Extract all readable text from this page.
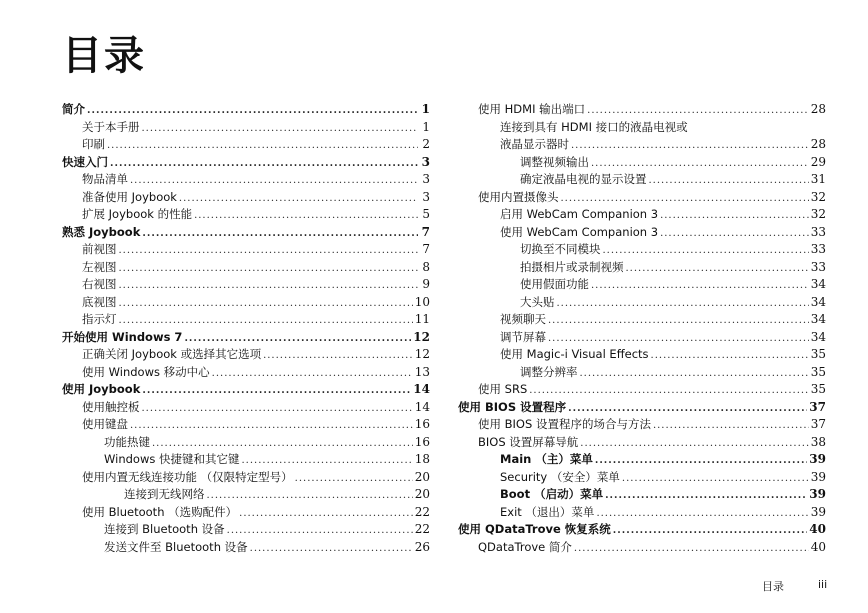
目录
简介 .....	1
关于本手册 .....	1
印刷 .....	2
快速入门 .....	3
物品清单 .....	3
准备使用 Joybook .....	3
扩展 Joybook 的性能 .....	5
熟悉 Joybook .....	7
前视图 .....	7
左视图 .....	8
右视图 .....	9
底视图 .....	10
指示灯 .....	11
开始使用 Windows 7 .....	12
正确关闭 Joybook 或选择其它选项 .....	12
使用 Windows 移动中心 .....	13
使用 Joybook .....	14
使用触控板 .....	14
使用键盘 .....	16
功能热键 .....	16
Windows 快捷键和其它键 .....	18
使用内置无线连接功能 （仅限特定型号） .....	20
连接到无线网络 .....	20
使用 Bluetooth （选购配件） .....	22
连接到 Bluetooth 设备 .....	22
发送文件至 Bluetooth 设备 .....	26
使用 HDMI 输出端口 .....	28
连接到具有 HDMI 接口的液晶电视或
液晶显示器时 .....	28
调整视频输出 .....	29
确定液晶电视的显示设置 .....	31
使用内置摄像头 .....	32
启用 WebCam Companion 3 .....	32
使用 WebCam Companion 3 .....	33
切换至不同模块 .....	33
拍摄相片或录制视频 .....	33
使用假面功能 .....	34
大头贴 .....	34
视频聊天 .....	34
调节屏幕 .....	34
使用 Magic-i Visual Effects .....	35
调整分辨率 .....	35
使用 SRS .....	35
使用 BIOS 设置程序 .....	37
使用 BIOS 设置程序的场合与方法 .....	37
BIOS 设置屏幕导航 .....	38
Main （主）菜单 .....	39
Security （安全）菜单 .....	39
Boot （启动）菜单 .....	39
Exit （退出）菜单 .....	39
使用 QDataTrove 恢复系统 .....	40
QDataTrove 简介 .....	40
目录	iii
